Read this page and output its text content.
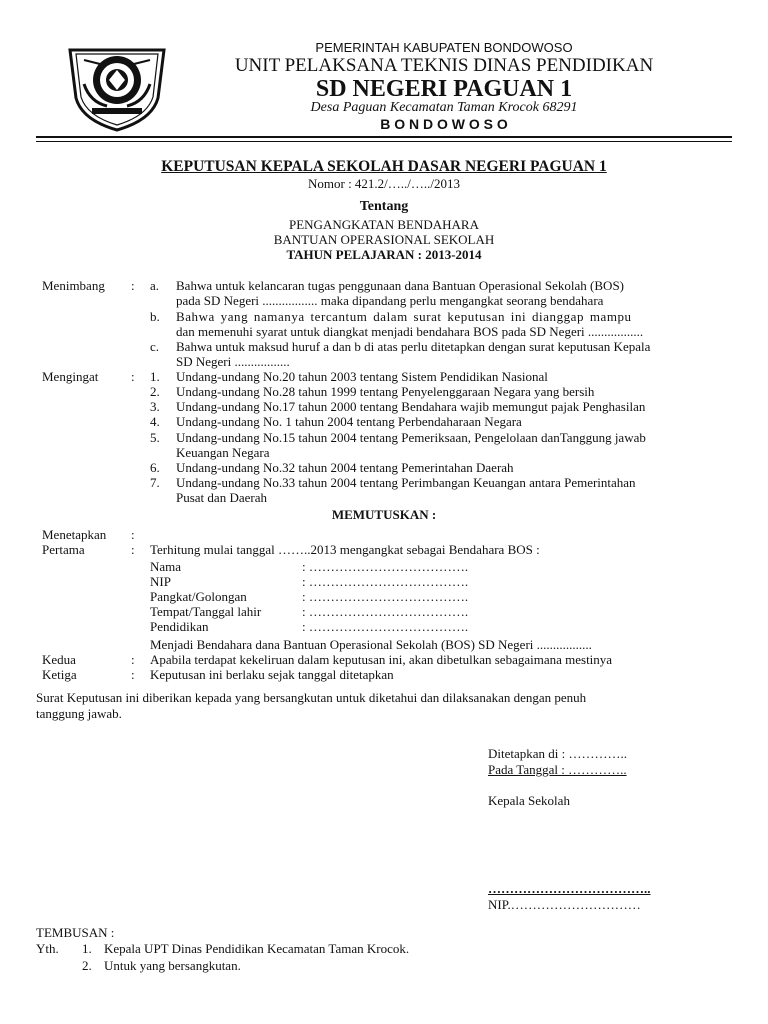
PEMERINTAH KABUPATEN BONDOWOSO
UNIT PELAKSANA TEKNIS DINAS PENDIDIKAN
SD NEGERI PAGUAN 1
Desa Paguan Kecamatan Taman Krocok 68291
B O N D O W O S O
KEPUTUSAN KEPALA SEKOLAH DASAR NEGERI PAGUAN 1
Nomor : 421.2/…../…../2013
Tentang
PENGANGKATAN BENDAHARA
BANTUAN OPERASIONAL SEKOLAH
TAHUN PELAJARAN : 2013-2014
Menimbang : a. Bahwa untuk kelancaran tugas penggunaan dana Bantuan Operasional Sekolah (BOS)
pada SD Negeri ................. maka dipandang perlu mengangkat seorang bendahara
b. Bahwa yang namanya tercantum dalam surat keputusan ini dianggap mampu
dan memenuhi syarat untuk diangkat menjadi bendahara BOS pada SD Negeri .................
c. Bahwa untuk maksud huruf a dan b di atas perlu ditetapkan dengan surat keputusan Kepala
SD Negeri .................
Mengingat	: 1. Undang-undang No.20 tahun 2003 tentang Sistem Pendidikan Nasional
2. Undang-undang No.28 tahun 1999 tentang Penyelenggaraan Negara yang bersih
3. Undang-undang No.17 tahun 2000 tentang Bendahara wajib memungut pajak Penghasilan
4. Undang-undang No. 1 tahun 2004 tentang Perbendaharaan Negara
5. Undang-undang No.15 tahun 2004 tentang Pemeriksaan, Pengelolaan danTanggung jawab
Keuangan Negara
6. Undang-undang No.32 tahun 2004 tentang Pemerintahan Daerah
7. Undang-undang No.33 tahun 2004 tentang Perimbangan Keuangan antara Pemerintahan
Pusat dan Daerah
MEMUTUSKAN :
Menetapkan :
Pertama	: Terhitung mulai tanggal ……..2013 mengangkat sebagai Bendahara BOS :
Nama	: ……………………………….
NIP	: ……………………………….
Pangkat/Golongan	: ……………………………….
Tempat/Tanggal lahir	: ……………………………….
Pendidikan	: ……………………………….
Menjadi Bendahara dana Bantuan Operasional Sekolah (BOS) SD Negeri .................
Kedua	: Apabila terdapat kekeliruan dalam keputusan ini, akan dibetulkan sebagaimana mestinya
Ketiga	: Keputusan ini berlaku sejak tanggal ditetapkan
Surat Keputusan ini diberikan kepada yang bersangkutan untuk diketahui dan dilaksanakan dengan penuh
tanggung jawab.
Ditetapkan di : …………..
Pada Tanggal : …………..
Kepala Sekolah
………………………………..
NIP.…………………………
TEMBUSAN :
Yth. 1. Kepala UPT Dinas Pendidikan Kecamatan Taman Krocok.
2. Untuk yang bersangkutan.
